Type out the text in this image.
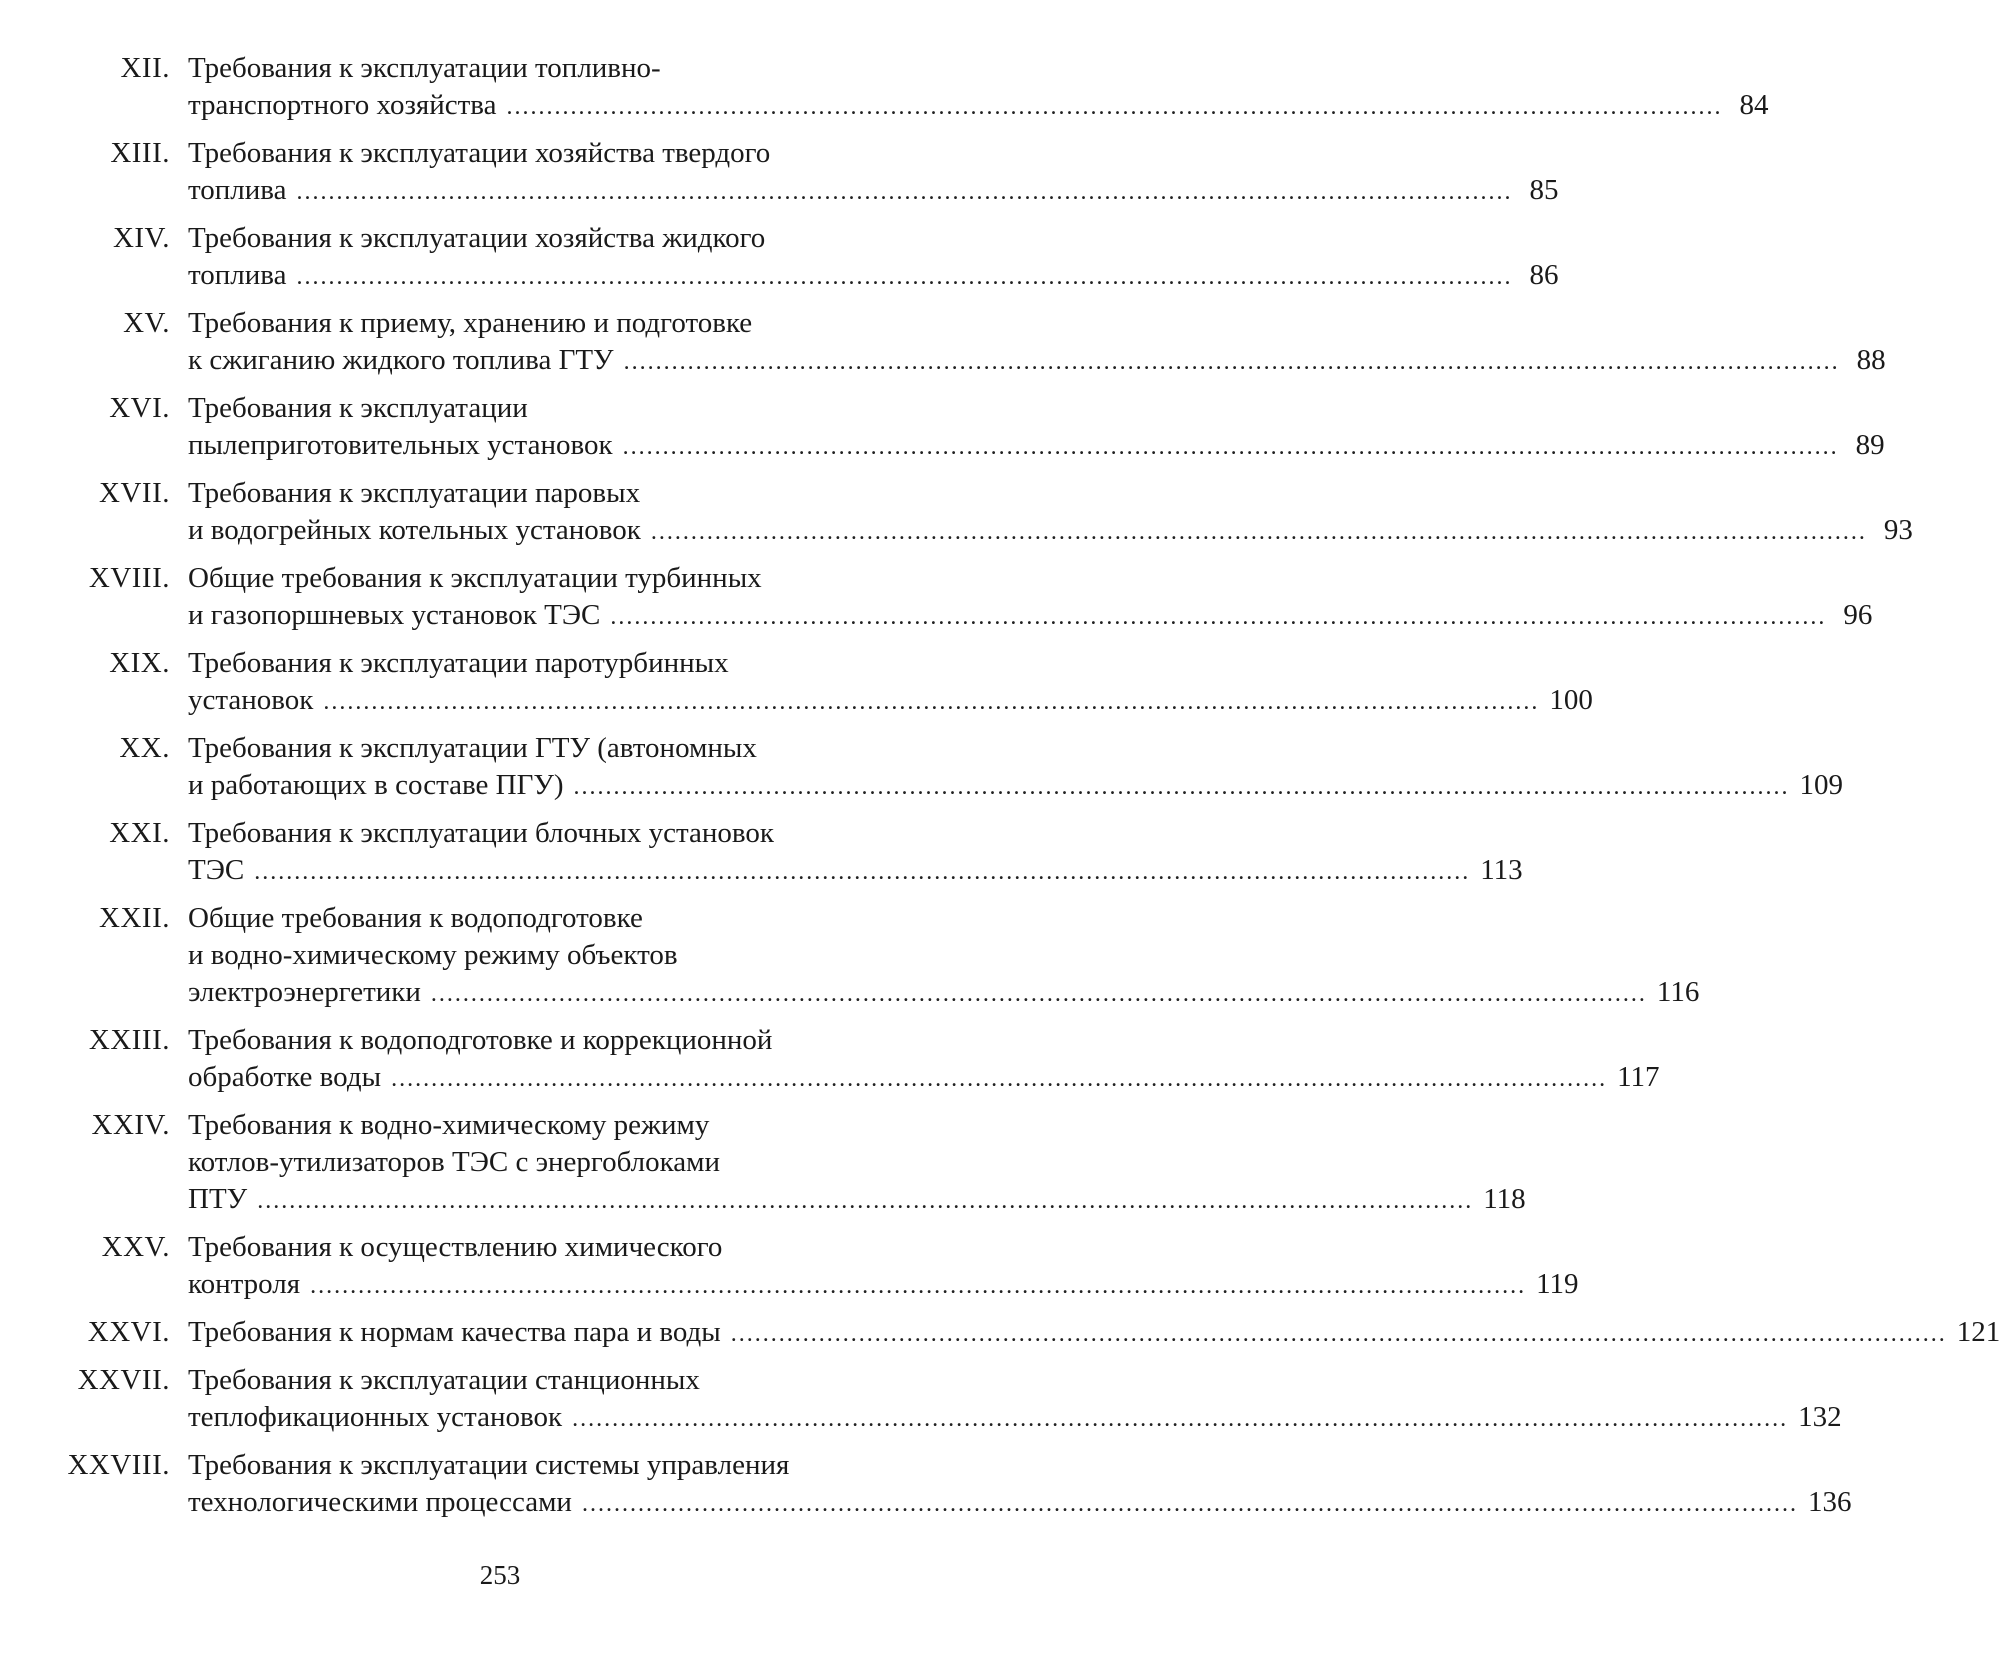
XII. Требования к эксплуатации топливно-
транспортного хозяйства .....	84
XIII. Требования к эксплуатации хозяйства твердого
топлива .....	85
XIV. Требования к эксплуатации хозяйства жидкого
топлива .....	86
XV. Требования к приему, хранению и подготовке
к сжиганию жидкого топлива ГТУ .....	88
XVI. Требования к эксплуатации
пылеприготовительных установок .....	89
XVII. Требования к эксплуатации паровых
и водогрейных котельных установок .....	93
XVIII. Общие требования к эксплуатации турбинных
и газопоршневых установок ТЭС .....	96
XIX. Требования к эксплуатации паротурбинных
установок .....	100
XX. Требования к эксплуатации ГТУ (автономных
и работающих в составе ПГУ) .....	109
XXI. Требования к эксплуатации блочных установок
ТЭС .....	113
XXII. Общие требования к водоподготовке
и водно-химическому режиму объектов
электроэнергетики .....	116
XXIII. Требования к водоподготовке и коррекционной
обработке воды .....	117
XXIV. Требования к водно-химическому режиму
котлов-утилизаторов ТЭС с энергоблоками
ПТУ .....	118
XXV. Требования к осуществлению химического
контроля .....	119
XXVI. Требования к нормам качества пара и воды .....	121
XXVII. Требования к эксплуатации станционных
теплофикационных установок .....	132
XXVIII. Требования к эксплуатации системы управления
технологическими процессами .....	136
253
